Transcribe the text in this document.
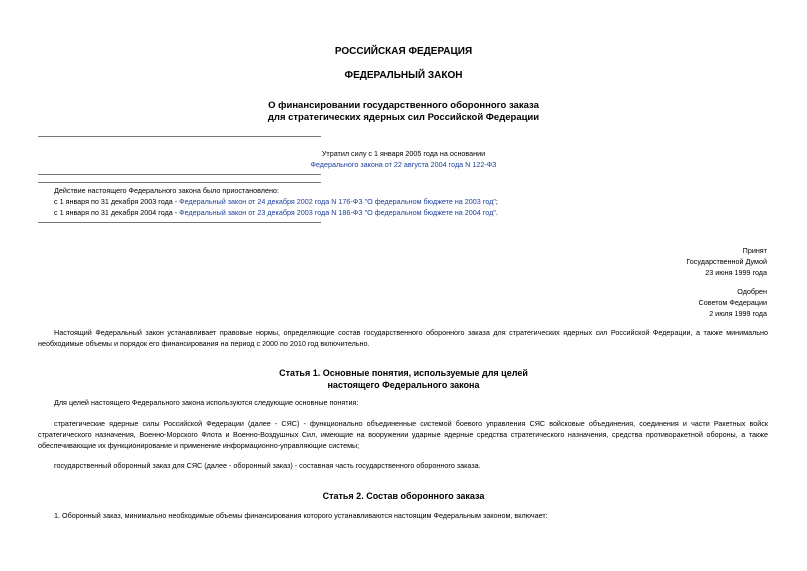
РОССИЙСКАЯ ФЕДЕРАЦИЯ
ФЕДЕРАЛЬНЫЙ ЗАКОН
О финансировании государственного оборонного заказа
для стратегических ядерных сил Российской Федерации
Утратил силу с 1 января 2005 года на основании
Федерального закона от 22 августа 2004 года N 122-ФЗ
Действие настоящего Федерального закона было приостановлено:
с 1 января по 31 декабря 2003 года - Федеральный закон от 24 декабря 2002 года N 176-ФЗ "О федеральном бюджете на 2003 год";
с 1 января по 31 декабря 2004 года - Федеральный закон от 23 декабря 2003 года N 186-ФЗ "О федеральном бюджете на 2004 год".
Принят
Государственной Думой
23 июня 1999 года
Одобрен
Советом Федерации
2 июля 1999 года
Настоящий Федеральный закон устанавливает правовые нормы, определяющие состав государственного оборонного заказа для стратегических ядерных сил Российской Федерации, а также минимально необходимые объемы и порядок его финансирования на период с 2000 по 2010 год включительно.
Статья 1. Основные понятия, используемые для целей
настоящего Федерального закона
Для целей настоящего Федерального закона используются следующие основные понятия:
стратегические ядерные силы Российской Федерации (далее - СЯС) - функционально объединенные системой боевого управления СЯС войсковые объединения, соединения и части Ракетных войск стратегического назначения, Военно-Морского Флота и Военно-Воздушных Сил, имеющие на вооружении ударные ядерные средства стратегического назначения, средства противоракетной обороны, а также обеспечивающие их функционирование и применение информационно-управляющие системы;
государственный оборонный заказ для СЯС (далее - оборонный заказ) - составная часть государственного оборонного заказа.
Статья 2. Состав оборонного заказа
1. Оборонный заказ, минимально необходимые объемы финансирования которого устанавливаются настоящим Федеральным законом, включает:
